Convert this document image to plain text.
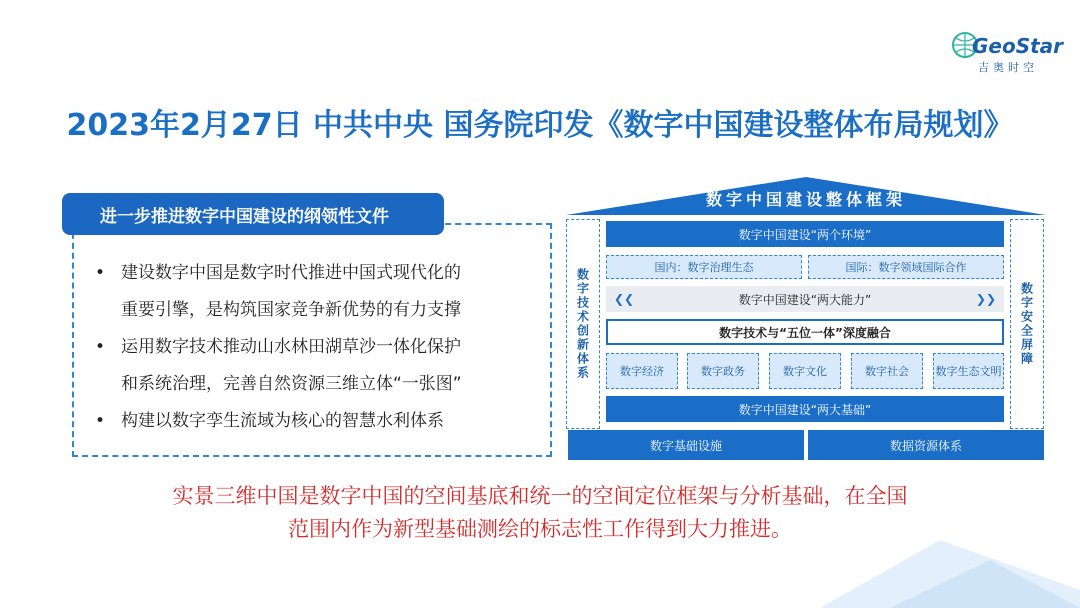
GeoStar
吉奥时空
2023年2月27日 中共中央 国务院印发《数字中国建设整体布局规划》
进一步推进数字中国建设的纲领性文件
• 建设数字中国是数字时代推进中国式现代化的
重要引擎，是构筑国家竞争新优势的有力支撑
• 运用数字技术推动山水林田湖草沙一体化保护
和系统治理，完善自然资源三维立体“一张图”
• 构建以数字孪生流域为核心的智慧水利体系
数字中国建设整体框架
数字技术创新体系	数字安全屏障
数字中国建设“两个环境”
国内：数字治理生态	国际：数字领域国际合作
❮❮	数字中国建设“两大能力”	❯❯
数字技术与“五位一体”深度融合
数字经济	数字政务	数字文化	数字社会	数字生态文明
数字中国建设“两大基础”
数字基础设施	数据资源体系
实景三维中国是数字中国的空间基底和统一的空间定位框架与分析基础，在全国
范围内作为新型基础测绘的标志性工作得到大力推进。
